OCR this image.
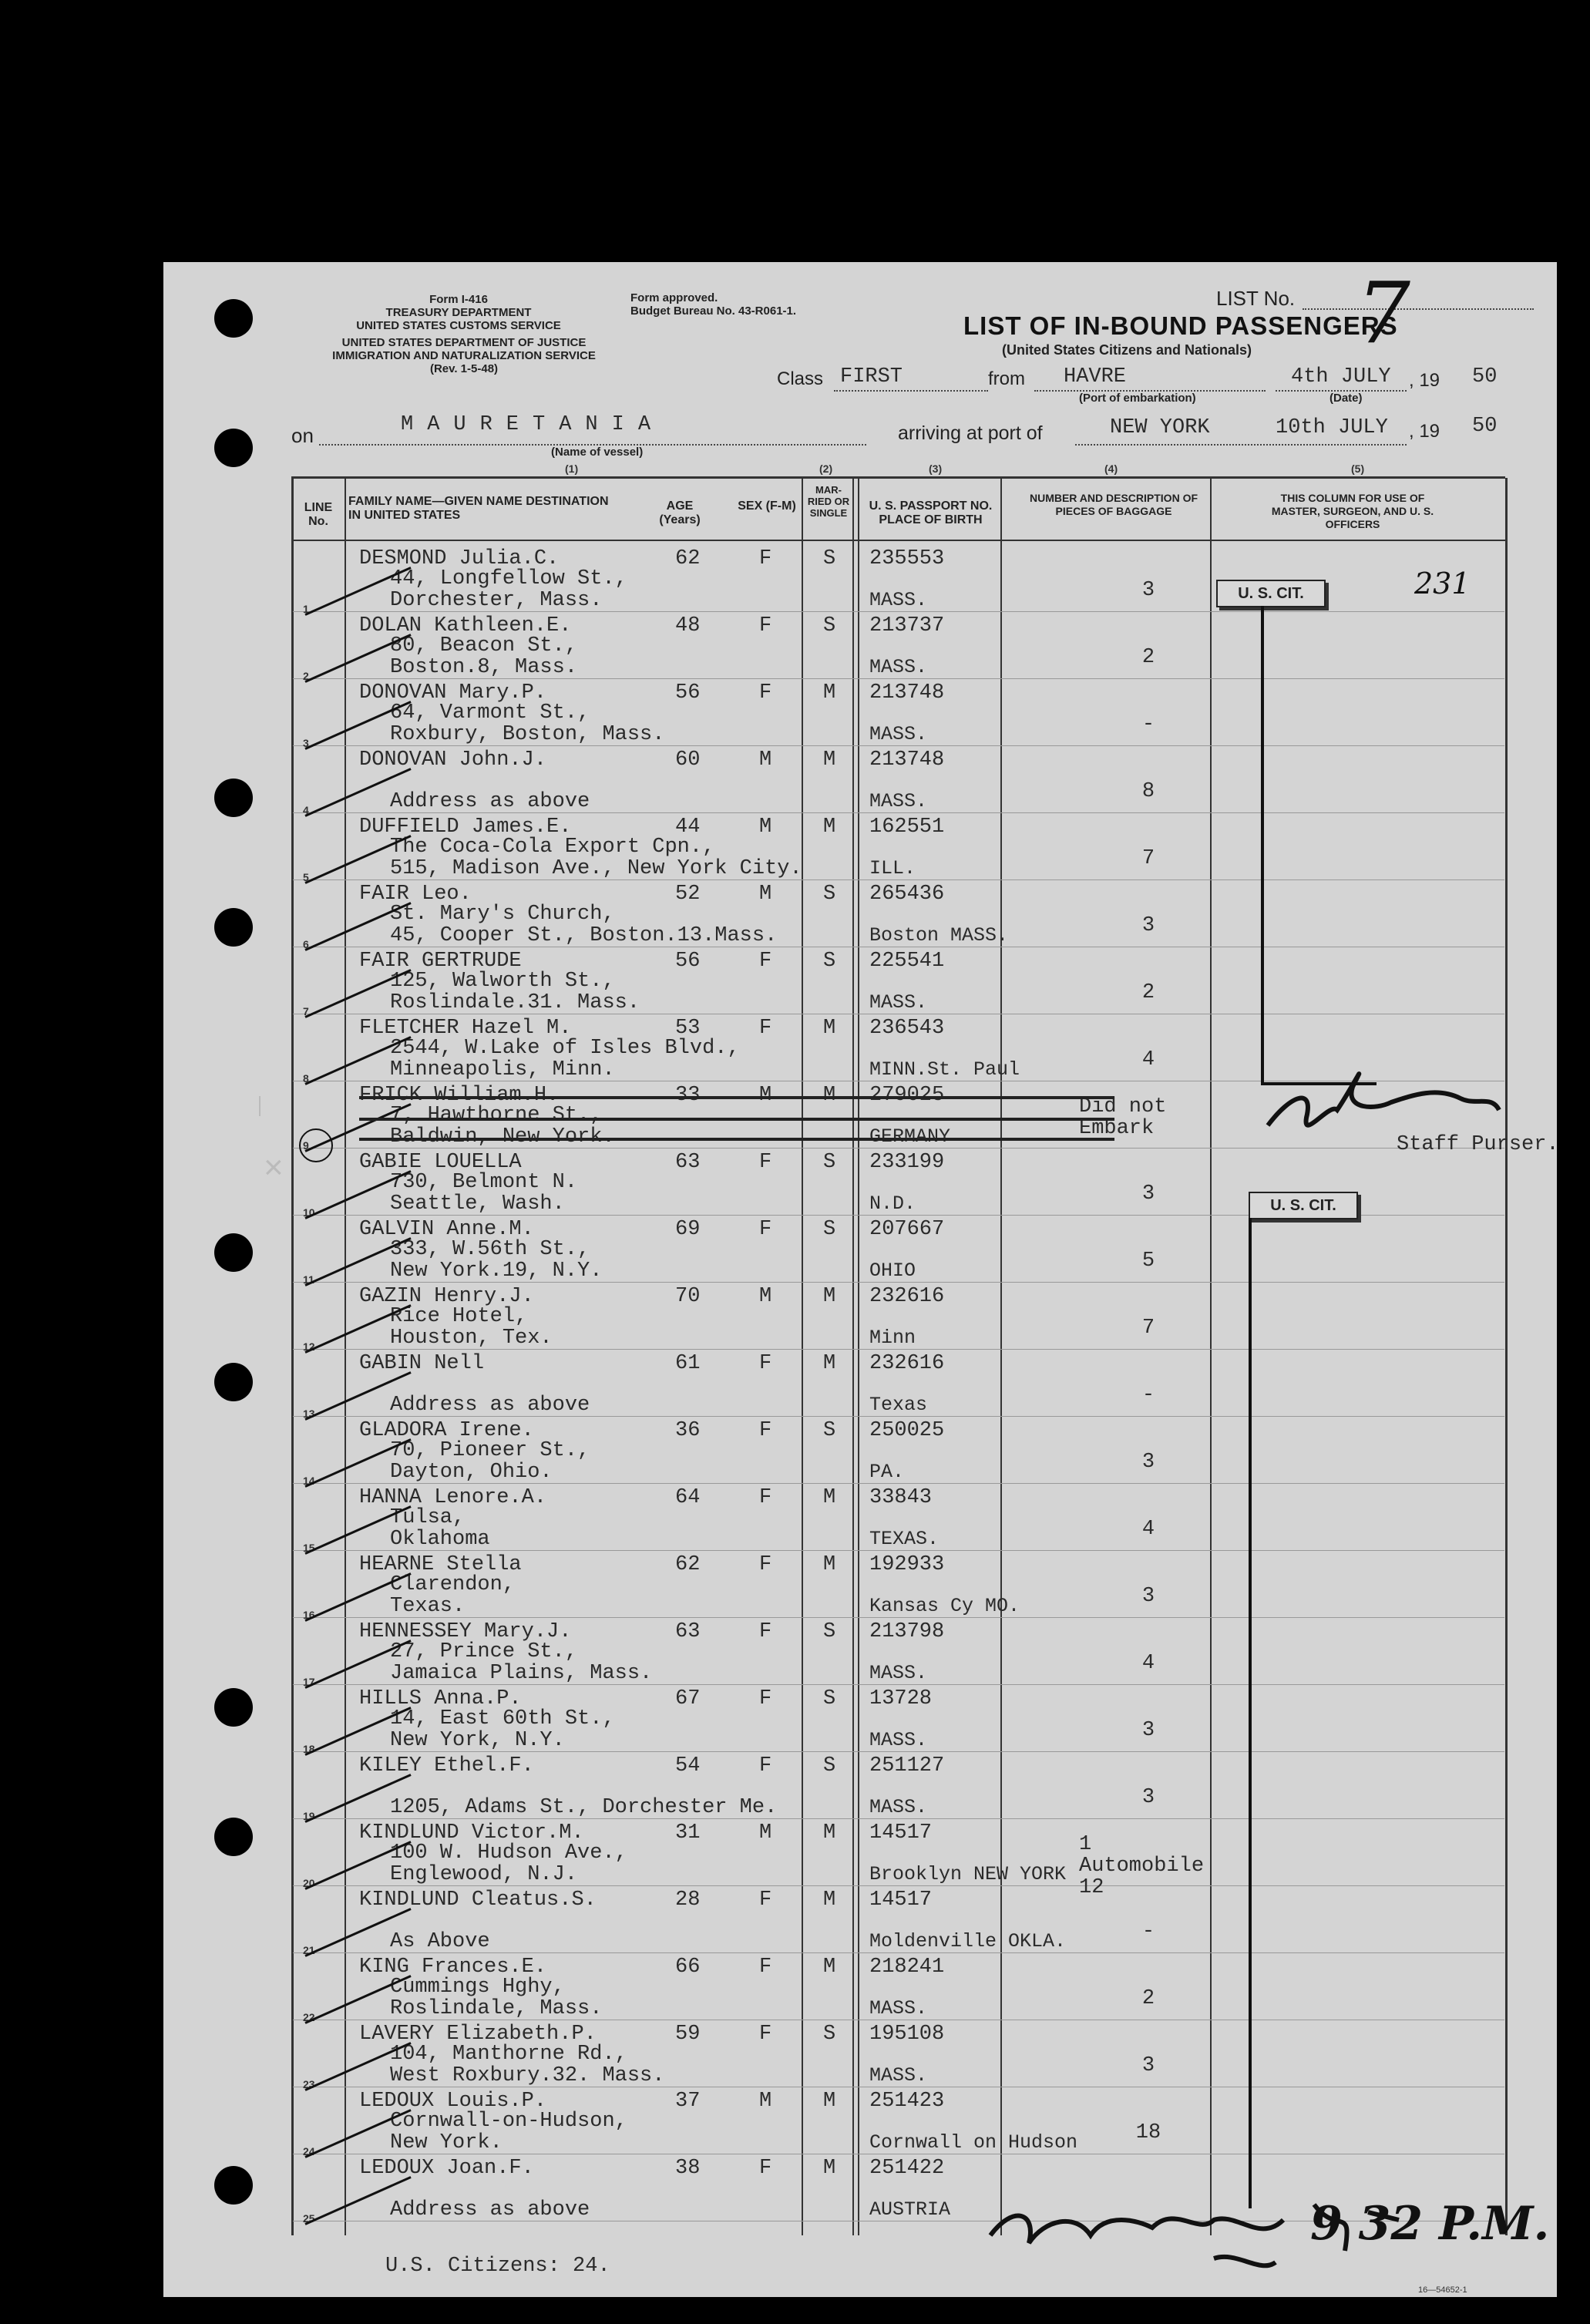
Form I-416
TREASURY DEPARTMENT
UNITED STATES CUSTOMS SERVICE
UNITED STATES DEPARTMENT OF JUSTICE
IMMIGRATION AND NATURALIZATION SERVICE
(Rev. 1-5-48)
Form approved.
Budget Bureau No. 43-R061-1.
LIST No. 7
LIST OF IN-BOUND PASSENGERS
(United States Citizens and Nationals)
Class FIRST	from HAVRE
(Port of embarkation)
4th JULY
(Date)
, 19 50
on	MAURETANIA
(Name of vessel)
arriving at port of	NEW YORK	10th JULY , 19 50
(1)	(2)	(3)	(4)	(5)
LINE No.
FAMILY NAME—GIVEN NAME DESTINATION IN UNITED STATES
AGE (Years)
SEX (F-M)
MAR-RIED OR SINGLE
U. S. PASSPORT NO. PLACE OF BIRTH
NUMBER AND DESCRIPTION OF PIECES OF BAGGAGE
THIS COLUMN FOR USE OF MASTER, SURGEON, AND U. S. OFFICERS
1
DESMOND Julia.C.	62	F S
44, Longfellow St.,
Dorchester, Mass.
235553
MASS.	3
2
DOLAN Kathleen.E.	48	F S
80, Beacon St.,
Boston.8, Mass.
213737
MASS.	2
3
DONOVAN Mary.P.	56	F M
64, Varmont St.,
Roxbury, Boston, Mass.
213748
MASS.	-
4
DONOVAN John.J.	60	M M
Address as above
213748
MASS.	8
5
DUFFIELD James.E.	44	M M
The Coca-Cola Export Cpn.,
515, Madison Ave., New York City.
162551
ILL.	7
6
FAIR Leo.	52	M S
St. Mary's Church,
45, Cooper St., Boston.13.Mass.
265436
Boston MASS.	3
7
FAIR GERTRUDE	56	F S
125, Walworth St.,
Roslindale.31. Mass.
225541
MASS.	2
8
FLETCHER Hazel M.	53	F M
2544, W.Lake of Isles Blvd.,
Minneapolis, Minn.
236543
MINN.St. Paul	4
9
FRICK William.H.	33	M M
7, Hawthorne St.,
Baldwin, New York.
279025
GERMANY
Did not Embark
10
GABIE LOUELLA	63	F S
730, Belmont N.
Seattle, Wash.
233199
N.D.	3
11
GALVIN Anne.M.	69	F S
333, W.56th St.,
New York.19, N.Y.
207667
OHIO	5
12
GAZIN Henry.J.	70	M M
Rice Hotel,
Houston, Tex.
232616
Minn	7
13
GABIN Nell	61	F M
Address as above
232616
Texas	-
14
GLADORA Irene.	36	F S
70, Pioneer St.,
Dayton, Ohio.
250025
PA.	3
15
HANNA Lenore.A.	64	F M
Tulsa,
Oklahoma
33843
TEXAS.	4
16
HEARNE Stella	62	F M
Clarendon,
Texas.
192933
Kansas Cy MO.	3
17
HENNESSEY Mary.J.	63	F S
27, Prince St.,
Jamaica Plains, Mass.
213798
MASS.	4
18
HILLS Anna.P.	67	F S
14, East 60th St.,
New York, N.Y.
13728
MASS.	3
19
KILEY Ethel.F.	54	F S
1205, Adams St., Dorchester Me.
251127
MASS.	3
20
KINDLUND Victor.M.	31	M M
100 W. Hudson Ave.,
Englewood, N.J.
14517
Brooklyn NEW YORK
1 Automobile 12
21
KINDLUND Cleatus.S.	28	F M
As Above
14517
Moldenville OKLA.	-
22
KING Frances.E.	66	F M
Cummings Hghy,
Roslindale, Mass.
218241
MASS.	2
23
LAVERY Elizabeth.P.	59	F S
104, Manthorne Rd.,
West Roxbury.32. Mass.
195108
MASS.	3
24
LEDOUX Louis.P.	37	M M
Cornwall-on-Hudson,
New York.
251423
Cornwall on Hudson	18
25
LEDOUX Joan.F.	38	F M
Address as above
251422
AUSTRIA
U. S. CIT.
U. S. CIT.
231
Staff Purser.
9 32 P.M.
×
U.S. Citizens: 24.
16—54652-1
